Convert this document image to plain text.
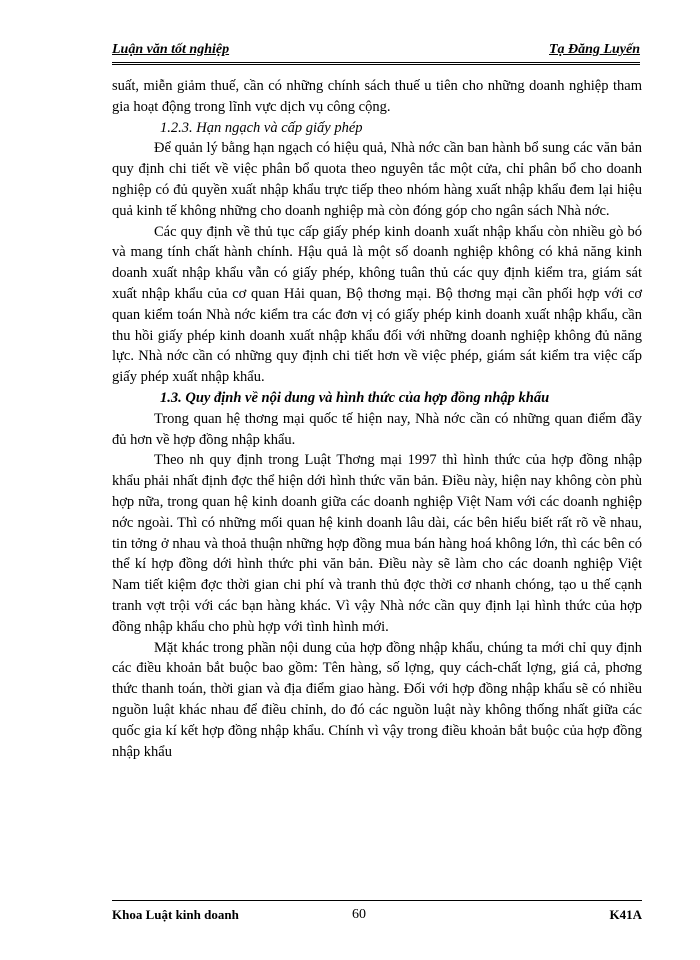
Luận văn tốt nghiệp	Tạ Đăng Luyến

suất, miễn giảm thuế, cần có những chính sách thuế u tiên cho những doanh nghiệp tham gia hoạt động trong lĩnh vực dịch vụ công cộng.

1.2.3. Hạn ngạch và cấp giấy phép

Để quản lý bằng hạn ngạch có hiệu quả, Nhà nớc cần ban hành bổ sung các văn bản quy định chi tiết về việc phân bổ quota theo nguyên tắc một cửa, chỉ phân bổ cho doanh nghiệp có đủ quyền xuất nhập khẩu trực tiếp theo nhóm hàng xuất nhập khẩu đem lại hiệu quả kinh tế không những cho doanh nghiệp mà còn đóng góp cho ngân sách Nhà nớc.

Các quy định về thủ tục cấp giấy phép kinh doanh xuất nhập khẩu còn nhiều gò bó và mang tính chất hành chính. Hậu quả là một số doanh nghiệp không có khả năng kinh doanh xuất nhập khẩu vẫn có giấy phép, không tuân thủ các quy định kiểm tra, giám sát xuất nhập khẩu của cơ quan Hải quan, Bộ thơng mại. Bộ thơng mại cần phối hợp với cơ quan kiểm toán Nhà nớc kiểm tra các đơn vị có giấy phép kinh doanh xuất nhập khẩu, cần thu hồi giấy phép kinh doanh xuất nhập khẩu đối với những doanh nghiệp không đủ năng lực. Nhà nớc cần có những quy định chi tiết hơn về việc phép, giám sát kiểm tra việc cấp giấy phép xuất nhập khẩu.

1.3. Quy định về nội dung và hình thức của hợp đồng nhập khẩu

Trong quan hệ thơng mại quốc tế hiện nay, Nhà nớc cần có những quan điểm đầy đủ hơn về hợp đồng nhập khẩu.

Theo nh quy định trong Luật Thơng mại 1997 thì hình thức của hợp đồng nhập khẩu phải nhất định đợc thể hiện dới hình thức văn bản. Điều này, hiện nay không còn phù hợp nữa, trong quan hệ kinh doanh giữa các doanh nghiệp Việt Nam với các doanh nghiệp nớc ngoài. Thì có những mối quan hệ kinh doanh lâu dài, các bên hiểu biết rất rõ về nhau, tin tởng ở nhau và thoả thuận những hợp đồng mua bán hàng hoá không lớn, thì các bên có thể kí hợp đồng dới hình thức phi văn bản. Điều này sẽ làm cho các doanh nghiệp Việt Nam tiết kiệm đợc thời gian chi phí và tranh thủ đợc thời cơ nhanh chóng, tạo u thế cạnh tranh vợt trội với các bạn hàng khác. Vì vậy Nhà nớc cần quy định lại hình thức của hợp đồng nhập khẩu cho phù hợp với tình hình mới.

Mặt khác trong phần nội dung của hợp đồng nhập khẩu, chúng ta mới chỉ quy định các điều khoản bắt buộc bao gồm: Tên hàng, số lợng, quy cách-chất lợng, giá cả, phơng thức thanh toán, thời gian và địa điểm giao hàng. Đối với hợp đồng nhập khẩu sẽ có nhiều nguồn luật khác nhau để điều chỉnh, do đó các nguồn luật này không thống nhất giữa các quốc gia kí kết hợp đồng nhập khẩu. Chính vì vậy trong điều khoản bắt buộc của hợp đồng nhập khẩu

Khoa Luật kinh doanh	60	K41A
